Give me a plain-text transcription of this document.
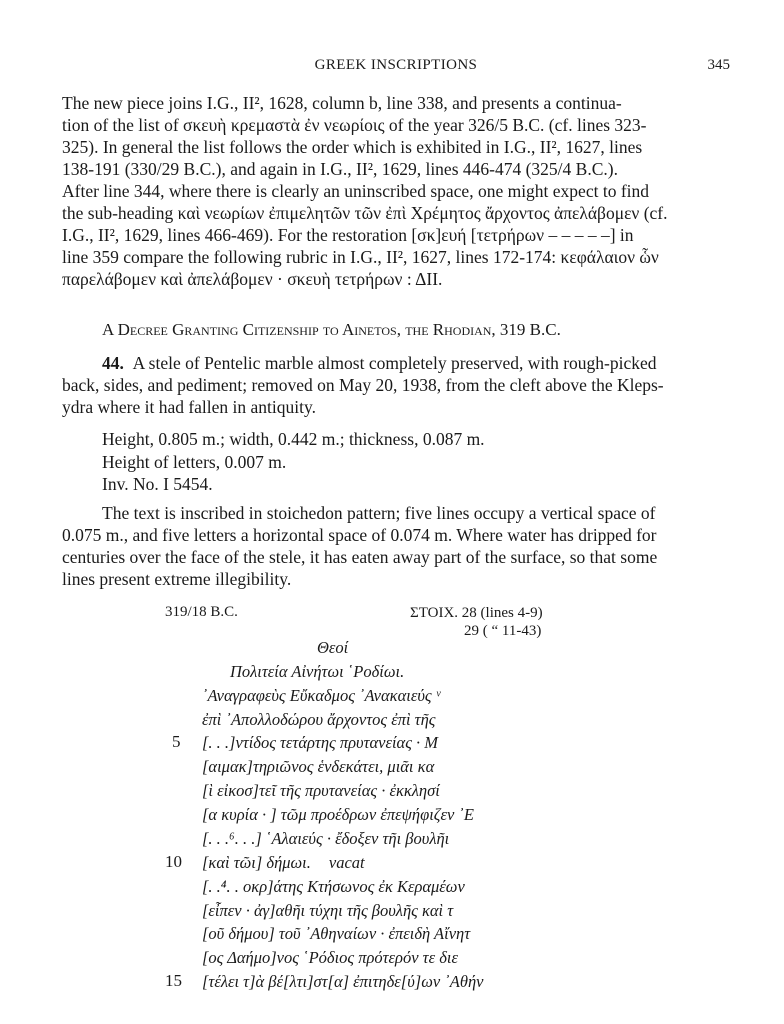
GREEK INSCRIPTIONS	345
The new piece joins I.G., II², 1628, column b, line 338, and presents a continua-
tion of the list of σκευὴ κρεμαστὰ ἐν νεωρίοις of the year 326/5 B.C. (cf. lines 323-
325). In general the list follows the order which is exhibited in I.G., II², 1627, lines
138-191 (330/29 B.C.), and again in I.G., II², 1629, lines 446-474 (325/4 B.C.).
After line 344, where there is clearly an uninscribed space, one might expect to find
the sub-heading καὶ νεωρίων ἐπιμελητῶν τῶν ἐπὶ Χρέμητος ἄρχοντος ἀπελάβομεν (cf.
I.G., II², 1629, lines 466-469). For the restoration [σκ]ευή [τετρήρων – – – – –] in
line 359 compare the following rubric in I.G., II², 1627, lines 172-174: κεφάλαιον ὧν
παρελάβομεν καὶ ἀπελάβομεν · σκευὴ τετρήρων : ΔΙΙ.
A Decree Granting Citizenship to Ainetos, the Rhodian, 319 B.C.
44. A stele of Pentelic marble almost completely preserved, with rough-picked
back, sides, and pediment; removed on May 20, 1938, from the cleft above the Kleps-
ydra where it had fallen in antiquity.
Height, 0.805 m.; width, 0.442 m.; thickness, 0.087 m.
Height of letters, 0.007 m.
Inv. No. I 5454.
The text is inscribed in stoichedon pattern; five lines occupy a vertical space of
0.075 m., and five letters a horizontal space of 0.074 m. Where water has dripped for
centuries over the face of the stele, it has eaten away part of the surface, so that some
lines present extreme illegibility.
319/18 B.C.	ΣΤΟΙΧ. 28 (lines 4-9)
29 ( “ 11-43)
Θεοί
Πολιτεία Αἰνήτωι ῾Ροδίωι.
᾿Αναγραφεὺς Εὔκαδμος ᾿Ανακαιεύς ᵛ
ἐπὶ ᾿Απολλοδώρου ἄρχοντος ἐπὶ τῆς
[. . .]ντίδος τετάρτης πρυτανείας · Μ
[αιμακ]τηριῶνος ἑνδεκάτει, μιᾶι κα
[ὶ εἰκοσ]τεῖ τῆς πρυτανείας · ἐκκλησί
[α κυρία · ] τῶμ προέδρων ἐπεψήφιζεν ᾿Ε
[. . .⁶. . .] ῾Αλαιεύς · ἔδοξεν τῆι βουλῆι
[καὶ τῶι] δήμωι. vacat
[. .⁴. . οκρ]άτης Κτήσωνος ἐκ Κεραμέων
[εἶπεν · ἀγ]αθῆι τύχηι τῆς βουλῆς καὶ τ
[οῦ δήμου] τοῦ ᾿Αθηναίων · ἐπειδὴ Αἴνητ
[ος Δαήμο]νος ῾Ρόδιος πρότερόν τε διε
[τέλει τ]ὰ βέ[λτι]στ[α] ἐπιτηδε[ύ]ων ᾿Αθήν
5
10
15
